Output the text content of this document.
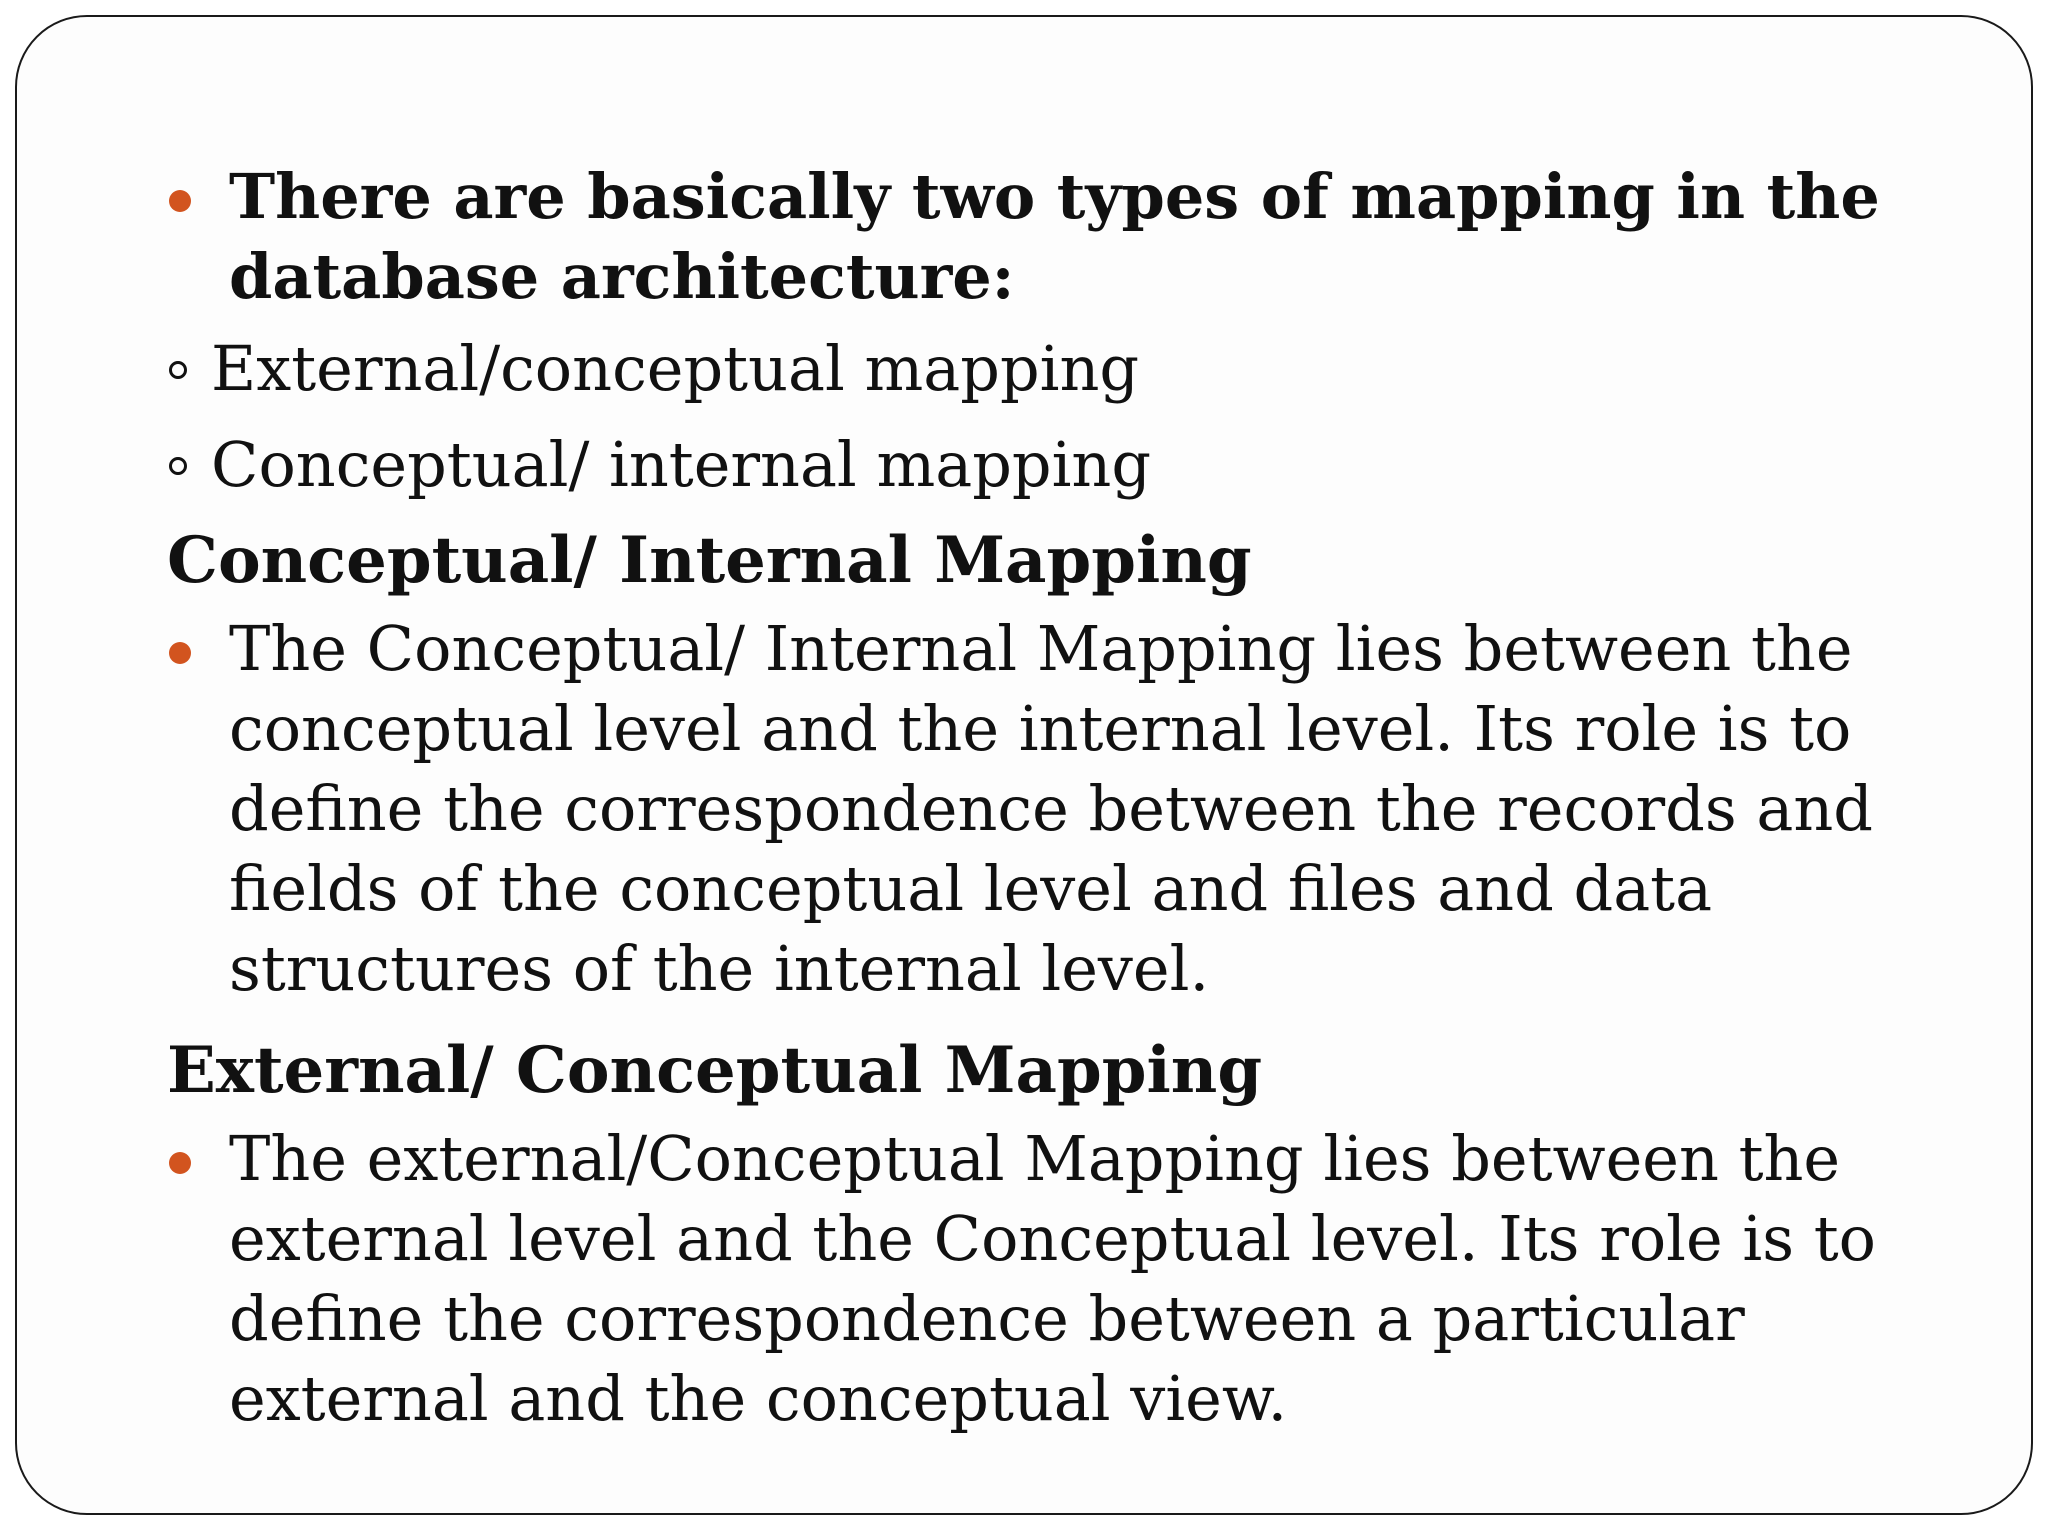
There are basically two types of mapping in the database architecture:

External/conceptual mapping

Conceptual/ internal mapping

Conceptual/ Internal Mapping

The Conceptual/ Internal Mapping lies between the conceptual level and the internal level. Its role is to define the correspondence between the records and fields of the conceptual level and files and data structures of the internal level.

External/ Conceptual Mapping

The external/Conceptual Mapping lies between the external level and the Conceptual level. Its role is to define the correspondence between a particular external and the conceptual view.
